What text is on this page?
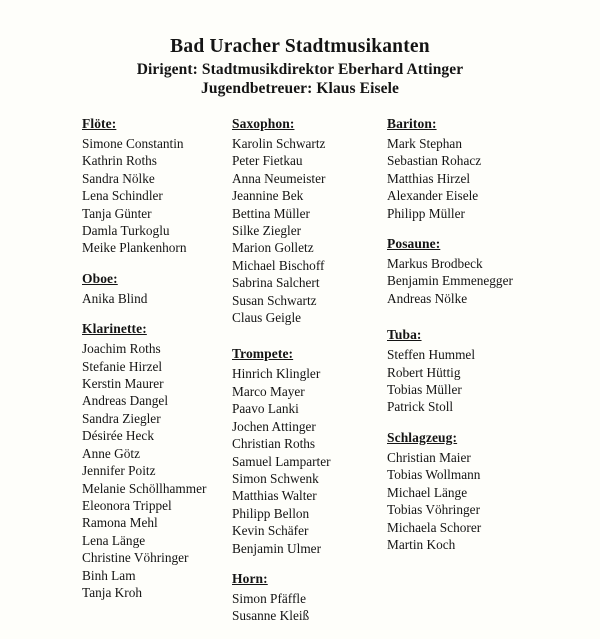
Bad Uracher Stadtmusikanten
Dirigent: Stadtmusikdirektor Eberhard Attinger
Jugendbetreuer: Klaus Eisele
Flöte:
Simone Constantin
Kathrin Roths
Sandra Nölke
Lena Schindler
Tanja Günter
Damla Turkoglu
Meike Plankenhorn
Oboe:
Anika Blind
Klarinette:
Joachim Roths
Stefanie Hirzel
Kerstin Maurer
Andreas Dangel
Sandra Ziegler
Désirée Heck
Anne Götz
Jennifer Poitz
Melanie Schöllhammer
Eleonora Trippel
Ramona Mehl
Lena Länge
Christine Vöhringer
Binh Lam
Tanja Kroh
Saxophon:
Karolin Schwartz
Peter Fietkau
Anna Neumeister
Jeannine Bek
Bettina Müller
Silke Ziegler
Marion Golletz
Michael Bischoff
Sabrina Salchert
Susan Schwartz
Claus Geigle
Trompete:
Hinrich Klingler
Marco Mayer
Paavo Lanki
Jochen Attinger
Christian Roths
Samuel Lamparter
Simon Schwenk
Matthias Walter
Philipp Bellon
Kevin Schäfer
Benjamin Ulmer
Horn:
Simon Pfäffle
Susanne Kleiß
Bariton:
Mark Stephan
Sebastian Rohacz
Matthias Hirzel
Alexander Eisele
Philipp Müller
Posaune:
Markus Brodbeck
Benjamin Emmenegger
Andreas Nölke
Tuba:
Steffen Hummel
Robert Hüttig
Tobias Müller
Patrick Stoll
Schlagzeug:
Christian Maier
Tobias Wollmann
Michael Länge
Tobias Vöhringer
Michaela Schorer
Martin Koch
